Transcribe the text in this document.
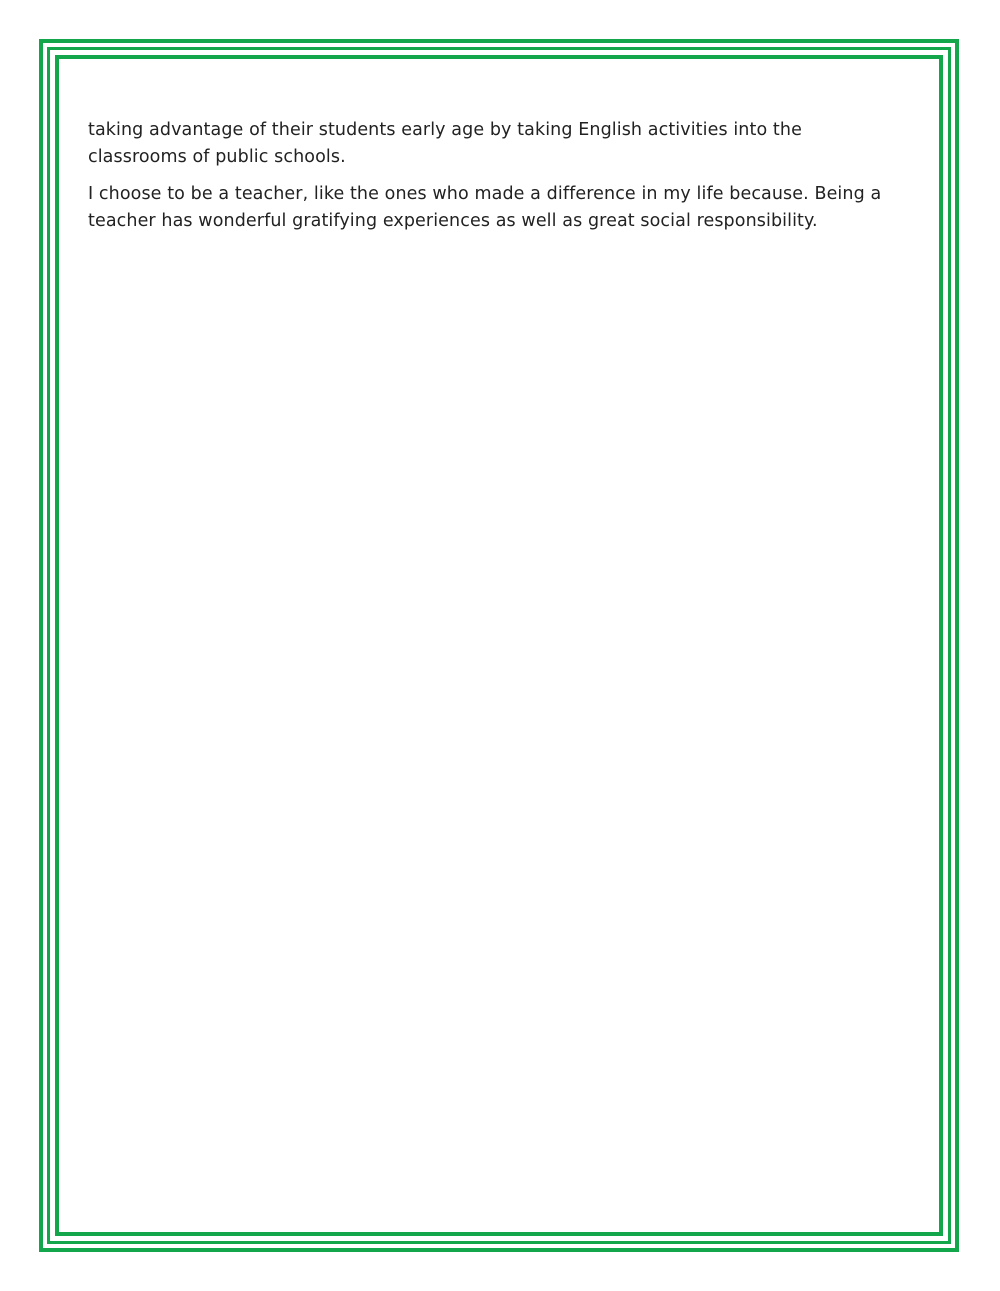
taking advantage of their students early age by taking English activities into the classrooms of public schools.

I choose to be a teacher, like the ones who made a difference in my life because. Being a teacher has wonderful gratifying experiences as well as great social responsibility.
